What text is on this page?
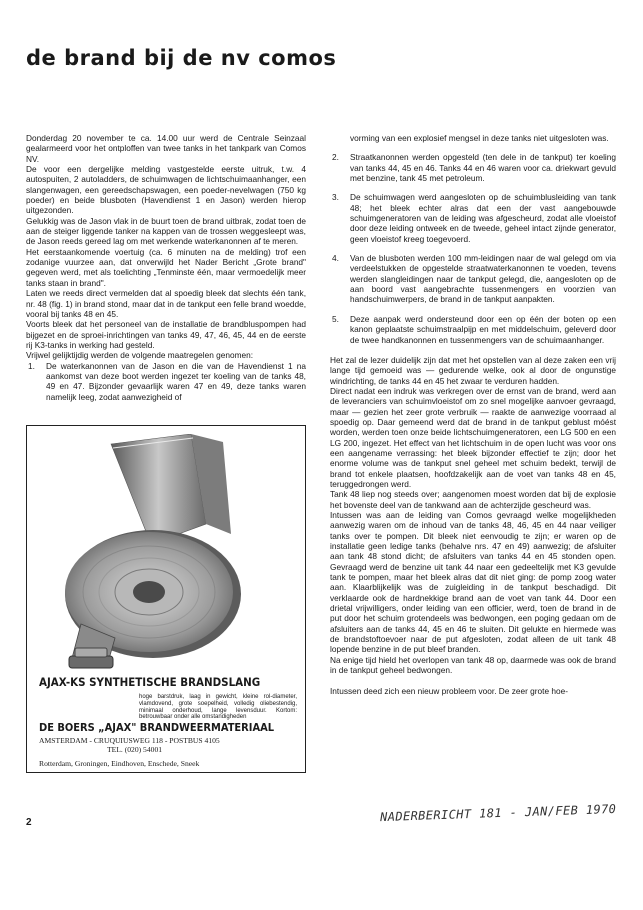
de brand bij de nv comos

Donderdag 20 november te ca. 14.00 uur werd de Centrale Seinzaal gealarmeerd voor het ontploffen van twee tanks in het tankpark van Comos NV.

De voor een dergelijke melding vastgestelde eerste uitruk, t.w. 4 autospuiten, 2 autoladders, de schuimwagen de lichtschuimaanhanger, een slangenwagen, een gereedschapswagen, een poeder-nevelwagen (750 kg poeder) en beide blusboten (Havendienst 1 en Jason) werden hierop uitgezonden.

Gelukkig was de Jason vlak in de buurt toen de brand uitbrak, zodat toen de aan de steiger liggende tanker na kappen van de trossen weggesleept was, de Jason reeds gereed lag om met werkende waterkanonnen af te meren.

Het eerstaankomende voertuig (ca. 6 minuten na de melding) trof een zodanige vuurzee aan, dat onverwijld het Nader Bericht „Grote brand" gegeven werd, met als toelichting „Tenminste één, maar vermoedelijk meer tanks staan in brand".

Laten we reeds direct vermelden dat al spoedig bleek dat slechts één tank, nr. 48 (fig. 1) in brand stond, maar dat in de tankput een felle brand woedde, vooral bij tanks 48 en 45.

Voorts bleek dat het personeel van de installatie de brandbluspompen had bijgezet en de sproei-inrichtingen van tanks 49, 47, 46, 45, 44 en de eerste rij K3-tanks in werking had gesteld.

Vrijwel gelijktijdig werden de volgende maatregelen genomen:

1. De waterkanonnen van de Jason en die van de Havendienst 1 na aankomst van deze boot werden ingezet ter koeling van de tanks 48, 49 en 47. Bijzonder gevaarlijk waren 47 en 49, deze tanks waren namelijk leeg, zodat aanwezigheid of
AJAX-KS SYNTHETISCHE BRANDSLANG
hoge barstdruk, laag in gewicht, kleine rol-diameter, vlamdovend, grote soepelheid, volledig oliebestendig, minimaal onderhoud, lange levensduur. Kortom: betrouwbaar onder alle omstandigheden
DE BOERS „AJAX" BRANDWEERMATERIAAL
AMSTERDAM - CRUQUIUSWEG 118 - POSTBUS 4105
TEL. (020) 54001
Rotterdam, Groningen, Eindhoven, Enschede, Sneek

vorming van een explosief mengsel in deze tanks niet uitgesloten was.

2. Straatkanonnen werden opgesteld (ten dele in de tankput) ter koeling van tanks 44, 45 en 46. Tanks 44 en 46 waren voor ca. driekwart gevuld met benzine, tank 45 met petroleum.
3. De schuimwagen werd aangesloten op de schuimblusleiding van tank 48; het bleek echter alras dat een der vast aangebouwde schuimgeneratoren van de leiding was afgescheurd, zodat alle vloeistof door deze leiding ontweek en de tweede, geheel intact zijnde generator, geen vloeistof kreeg toegevoerd.
4. Van de blusboten werden 100 mm-leidingen naar de wal gelegd om via verdeelstukken de opgestelde straatwaterkanonnen te voeden, tevens werden slangleidingen naar de tankput gelegd, die, aangesloten op de aan boord vast aangebrachte tussenmengers en voorzien van handschuimwerpers, de brand in de tankput aanpakten.
5. Deze aanpak werd ondersteund door een op één der boten op een kanon geplaatste schuimstraalpijp en met middelschuim, geleverd door de twee handkanonnen en tussenmengers van de schuimaanhanger.

Het zal de lezer duidelijk zijn dat met het opstellen van al deze zaken een vrij lange tijd gemoeid was — gedurende welke, ook al door de ongunstige windrichting, de tanks 44 en 45 het zwaar te verduren hadden.

Direct nadat een indruk was verkregen over de ernst van de brand, werd aan de leveranciers van schuimvloeistof om zo snel mogelijke aanvoer gevraagd, maar — gezien het zeer grote verbruik — raakte de aanwezige voorraad al spoedig op. Daar gemeend werd dat de brand in de tankput geblust móést worden, werden toen onze beide lichtschuimgeneratoren, een LG 500 en een LG 200, ingezet. Het effect van het lichtschuim in de open lucht was voor ons een aangename verrassing: het bleek bijzonder effectief te zijn; door het enorme volume was de tankput snel geheel met schuim bedekt, terwijl de brand tot enkele plaatsen, hoofdzakelijk aan de voet van tanks 48 en 45, teruggedrongen werd.

Tank 48 liep nog steeds over; aangenomen moest worden dat bij de explosie het bovenste deel van de tankwand aan de achterzijde gescheurd was.

Intussen was aan de leiding van Comos gevraagd welke mogelijkheden aanwezig waren om de inhoud van de tanks 48, 46, 45 en 44 naar veiliger tanks over te pompen. Dit bleek niet eenvoudig te zijn; er waren op de installatie geen ledige tanks (behalve nrs. 47 en 49) aanwezig; de afsluiter aan tank 48 stond dicht; de afsluiters van tanks 44 en 45 stonden open. Gevraagd werd de benzine uit tank 44 naar een gedeeltelijk met K3 gevulde tank te pompen, maar het bleek alras dat dit niet ging: de pomp zoog water aan. Klaarblijkelijk was de zuigleiding in de tankput beschadigd. Dit verklaarde ook de hardnekkige brand aan de voet van tank 44. Door een drietal vrijwilligers, onder leiding van een officier, werd, toen de brand in de put door het schuim grotendeels was bedwongen, een poging gedaan om de afsluiters aan de tanks 44, 45 en 46 te sluiten. Dit gelukte en hiermede was de brandstoftoevoer naar de put afgesloten, zodat alleen de uit tank 48 lopende benzine in de put bleef branden.

Na enige tijd hield het overlopen van tank 48 op, daarmede was ook de brand in de tankput geheel bedwongen.

Intussen deed zich een nieuw probleem voor. De zeer grote hoe-

2	NADERBERICHT 181 - JAN/FEB 1970
